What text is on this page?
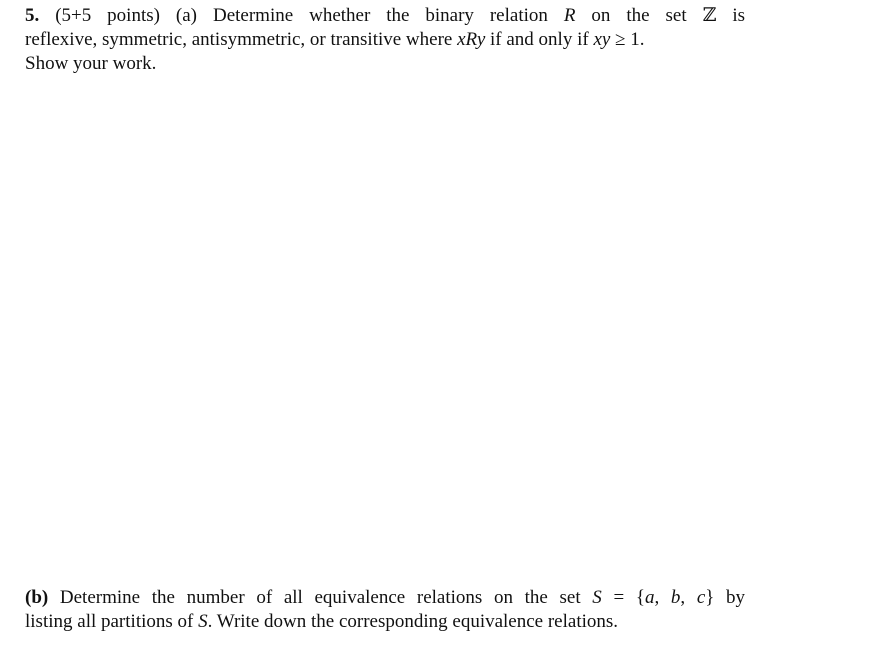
5. (5+5 points) (a) Determine whether the binary relation R on the set ℤ is
reflexive, symmetric, antisymmetric, or transitive where xRy if and only if xy ≥ 1.
Show your work.
(b) Determine the number of all equivalence relations on the set S = {a, b, c} by
listing all partitions of S. Write down the corresponding equivalence relations.
